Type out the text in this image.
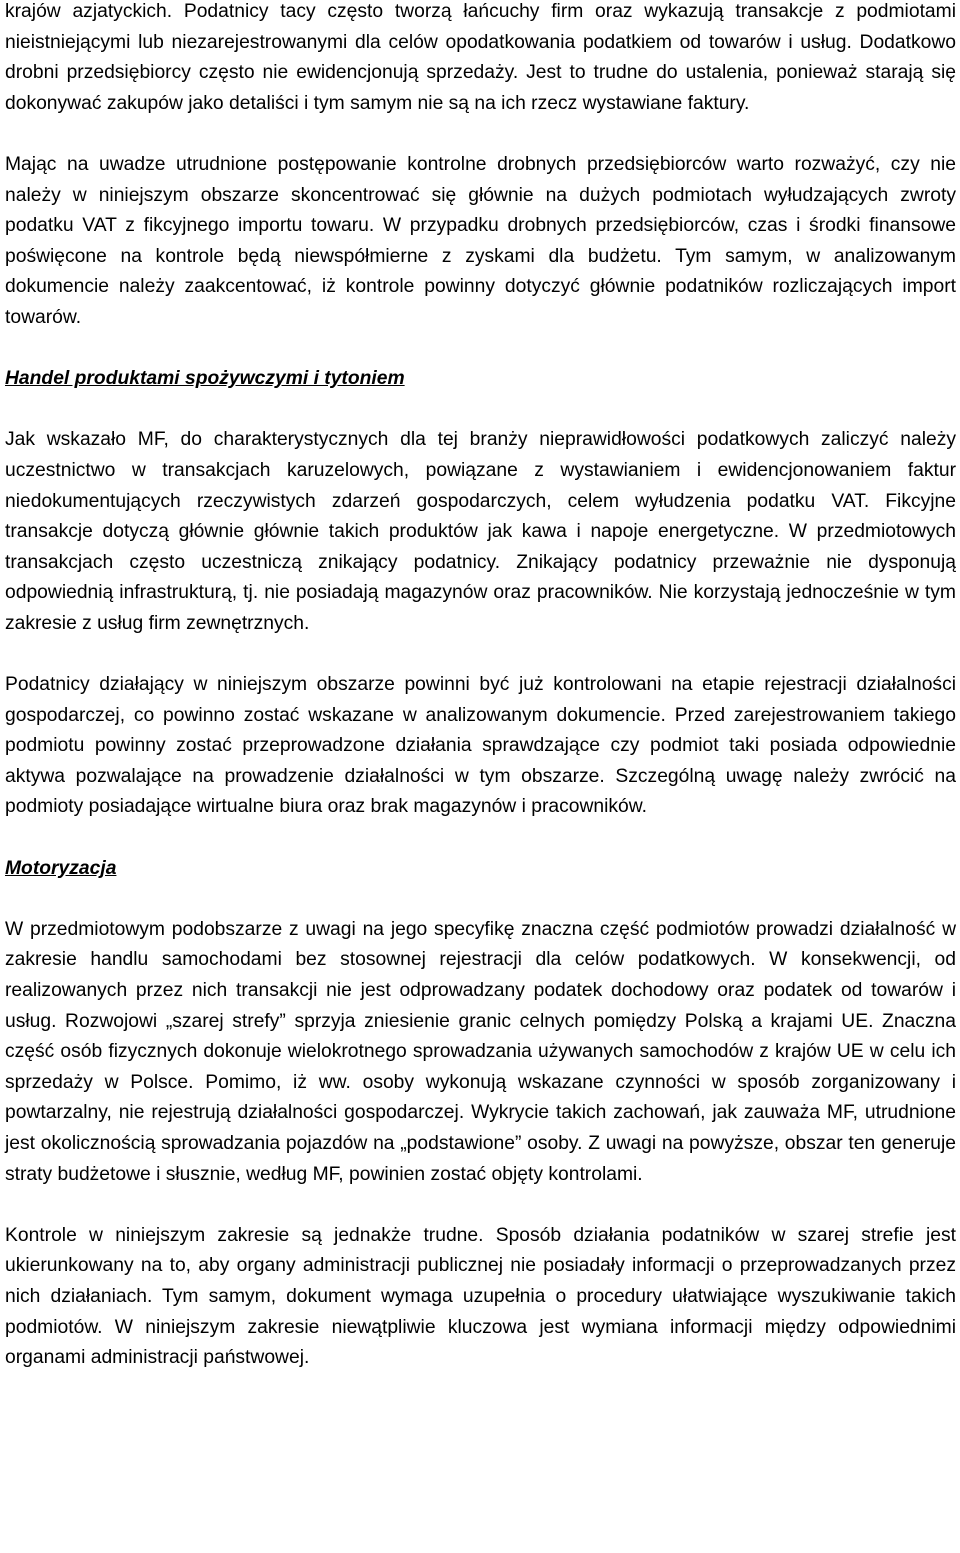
krajów azjatyckich. Podatnicy tacy często tworzą łańcuchy firm oraz wykazują transakcje z podmiotami nieistniejącymi lub niezarejestrowanymi dla celów opodatkowania podatkiem od towarów i usług. Dodatkowo drobni przedsiębiorcy często nie ewidencjonują sprzedaży. Jest to trudne do ustalenia, ponieważ starają się dokonywać zakupów jako detaliści i tym samym nie są na ich rzecz wystawiane faktury.

Mając na uwadze utrudnione postępowanie kontrolne drobnych przedsiębiorców warto rozważyć, czy nie należy w niniejszym obszarze skoncentrować się głównie na dużych podmiotach wyłudzających zwroty podatku VAT z fikcyjnego importu towaru. W przypadku drobnych przedsiębiorców, czas i środki finansowe poświęcone na kontrole będą niewspółmierne z zyskami dla budżetu. Tym samym, w analizowanym dokumencie należy zaakcentować, iż kontrole powinny dotyczyć głównie podatników rozliczających import towarów.

Handel produktami spożywczymi i tytoniem

Jak wskazało MF, do charakterystycznych dla tej branży nieprawidłowości podatkowych zaliczyć należy uczestnictwo w transakcjach karuzelowych, powiązane z wystawianiem i ewidencjonowaniem faktur niedokumentujących rzeczywistych zdarzeń gospodarczych, celem wyłudzenia podatku VAT. Fikcyjne transakcje dotyczą głównie głównie takich produktów jak kawa i napoje energetyczne. W przedmiotowych transakcjach często uczestniczą znikający podatnicy. Znikający podatnicy przeważnie nie dysponują odpowiednią infrastrukturą, tj. nie posiadają magazynów oraz pracowników. Nie korzystają jednocześnie w tym zakresie z usług firm zewnętrznych.

Podatnicy działający w niniejszym obszarze powinni być już kontrolowani na etapie rejestracji działalności gospodarczej, co powinno zostać wskazane w analizowanym dokumencie. Przed zarejestrowaniem takiego podmiotu powinny zostać przeprowadzone działania sprawdzające czy podmiot taki posiada odpowiednie aktywa pozwalające na prowadzenie działalności w tym obszarze. Szczególną uwagę należy zwrócić na podmioty posiadające wirtualne biura oraz brak magazynów i pracowników.

Motoryzacja

W przedmiotowym podobszarze z uwagi na jego specyfikę znaczna część podmiotów prowadzi działalność w zakresie handlu samochodami bez stosownej rejestracji dla celów podatkowych. W konsekwencji, od realizowanych przez nich transakcji nie jest odprowadzany podatek dochodowy oraz podatek od towarów i usług. Rozwojowi „szarej strefy” sprzyja zniesienie granic celnych pomiędzy Polską a krajami UE. Znaczna część osób fizycznych dokonuje wielokrotnego sprowadzania używanych samochodów z krajów UE w celu ich sprzedaży w Polsce. Pomimo, iż ww. osoby wykonują wskazane czynności w sposób zorganizowany i powtarzalny, nie rejestrują działalności gospodarczej. Wykrycie takich zachowań, jak zauważa MF, utrudnione jest okolicznością sprowadzania pojazdów na „podstawione” osoby. Z uwagi na powyższe, obszar ten generuje straty budżetowe i słusznie, według MF, powinien zostać objęty kontrolami.

Kontrole w niniejszym zakresie są jednakże trudne. Sposób działania podatników w szarej strefie jest ukierunkowany na to, aby organy administracji publicznej nie posiadały informacji o przeprowadzanych przez nich działaniach. Tym samym, dokument wymaga uzupełnia o procedury ułatwiające wyszukiwanie takich podmiotów. W niniejszym zakresie niewątpliwie kluczowa jest wymiana informacji między odpowiednimi organami administracji państwowej.
